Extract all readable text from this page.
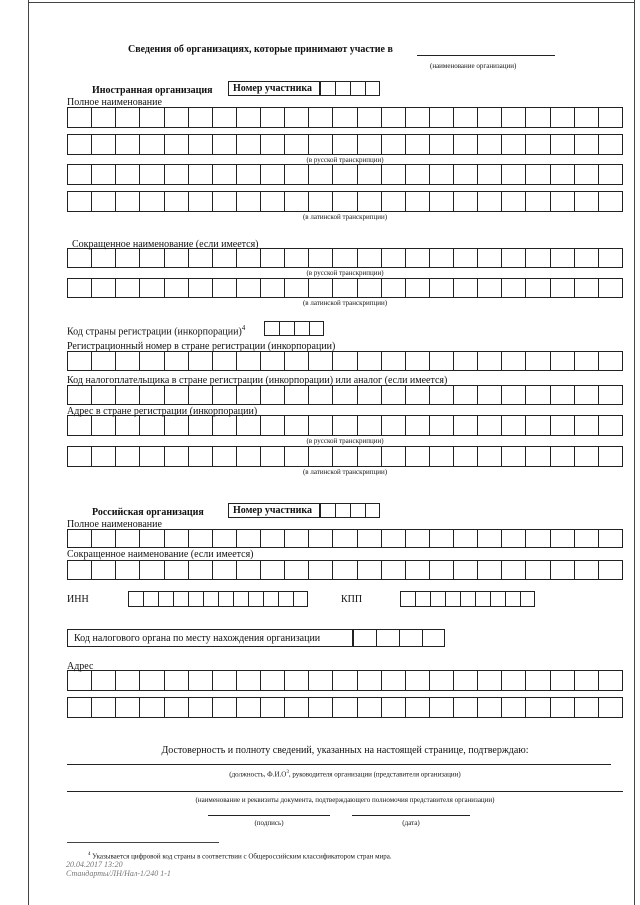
Сведения об организациях, которые принимают участие в
(наименование организации)
Иностранная организация	Номер участника
Полное наименование
(в русской транскрипции)
(в латинской транскрипции)
Сокращенное наименование (если имеется)
(в русской транскрипции)
(в латинской транскрипции)
Код страны регистрации (инкорпорации)$^4$
Регистрационный номер в стране регистрации (инкорпорации)
Код налогоплательщика в стране регистрации (инкорпорации) или аналог (если имеется)
Адрес в стране регистрации (инкорпорации)
(в русской транскрипции)
(в латинской транскрипции)
Российская организация	Номер участника
Полное наименование
Сокращенное наименование (если имеется)
ИНН	КПП
Код налогового органа по месту нахождения организации
Адрес
Достоверность и полноту сведений, указанных на настоящей странице, подтверждаю:
(должность, $Ф.И.О^3$, руководителя организации (представителя организации)
(наименование и реквизиты документа, подтверждающего полномочия представителя организации)
(подпись)	(дата)
$^4$ Указывается цифровой код страны в соответствии с Общероссийским классификатором стран мира.
20.04.2017 13:20
Стандарты/ЛН/Нал-1/240 1-1
